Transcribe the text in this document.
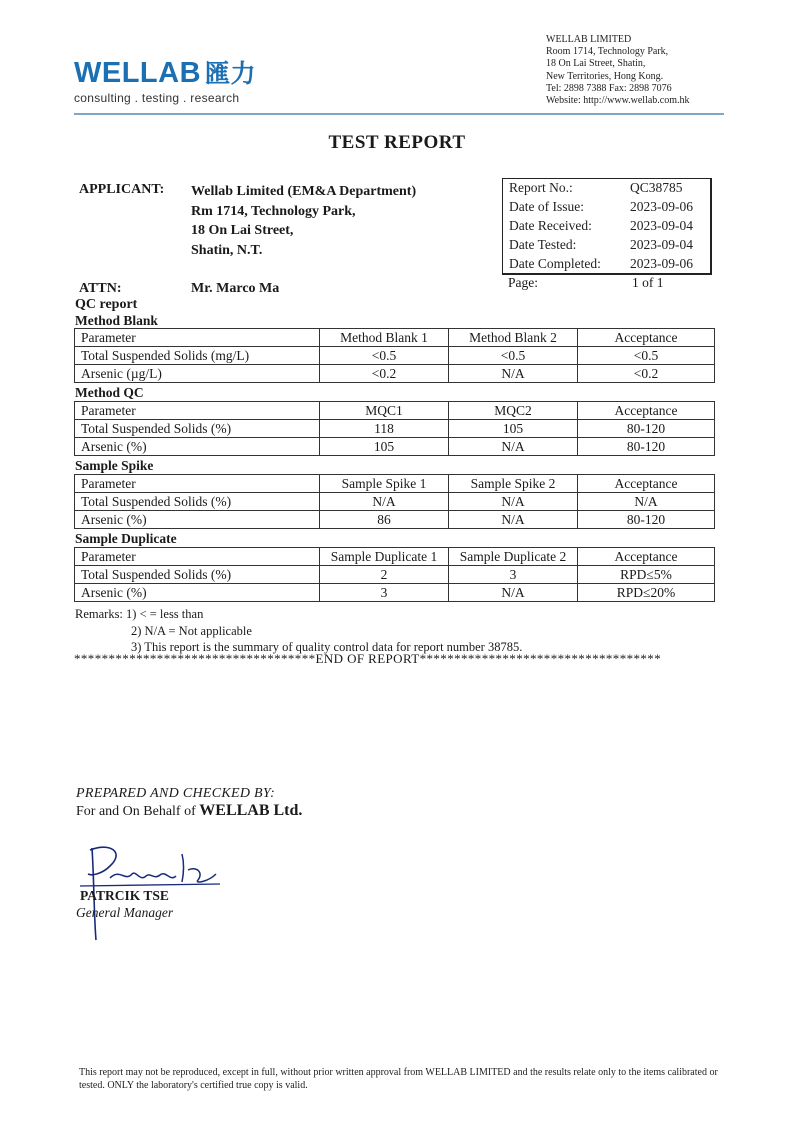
WELLAB 匯力
consulting . testing . research
WELLAB LIMITED
Room 1714, Technology Park,
18 On Lai Street, Shatin,
New Territories, Hong Kong.
Tel: 2898 7388 Fax: 2898 7076
Website: http://www.wellab.com.hk
TEST REPORT
APPLICANT: Wellab Limited (EM&A Department)
Rm 1714, Technology Park,
18 On Lai Street,
Shatin, N.T.
ATTN:	Mr. Marco Ma
Report No.:	QC38785
Date of Issue:	2023-09-06
Date Received:	2023-09-04
Date Tested:	2023-09-04
Date Completed: 2023-09-06
Page:	1 of 1
QC report
Method Blank
Parameter	Method Blank 1	Method Blank 2	Acceptance
Total Suspended Solids (mg/L)	<0.5	<0.5	<0.5
Arsenic (µg/L)	<0.2	N/A	<0.2
Method QC
Parameter	MQC1	MQC2	Acceptance
Total Suspended Solids (%)	118	105	80-120
Arsenic (%)	105	N/A	80-120
Sample Spike
Parameter	Sample Spike 1	Sample Spike 2	Acceptance
Total Suspended Solids (%)	N/A	N/A	N/A
Arsenic (%)	86	N/A	80-120
Sample Duplicate
Parameter	Sample Duplicate 1	Sample Duplicate 2	Acceptance
Total Suspended Solids (%)	2	3	RPD≤5%
Arsenic (%)	3	N/A	RPD≤20%
Remarks: 1) < = less than
2) N/A = Not applicable
3) This report is the summary of quality control data for report number 38785.
***********************************END OF REPORT***********************************
PREPARED AND CHECKED BY:
For and On Behalf of WELLAB Ltd.
PATRCIK TSE
General Manager
This report may not be reproduced, except in full, without prior written approval from WELLAB LIMITED and the results relate only to the items calibrated or tested. ONLY the laboratory's certified true copy is valid.
